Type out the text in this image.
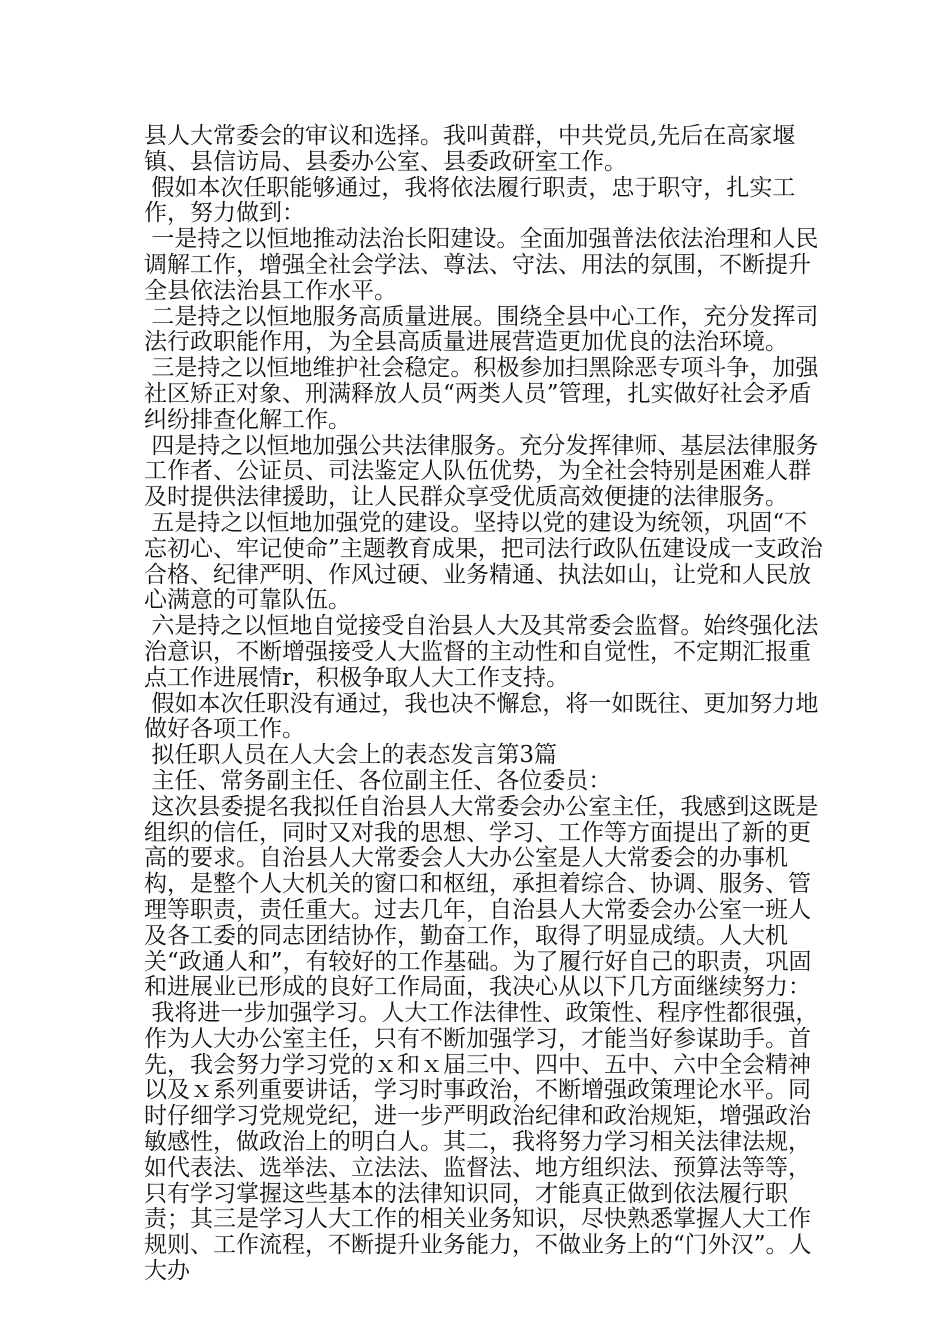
县人大常委会的审议和选择。我叫黄群，中共党员,先后在高家堰镇、县信访局、县委办公室、县委政研室工作。

假如本次任职能够通过，我将依法履行职责，忠于职守，扎实工作，努力做到：

一是持之以恒地推动法治长阳建设。全面加强普法依法治理和人民调解工作，增强全社会学法、尊法、守法、用法的氛围，不断提升全县依法治县工作水平。

二是持之以恒地服务高质量进展。围绕全县中心工作，充分发挥司法行政职能作用，为全县高质量进展营造更加优良的法治环境。

三是持之以恒地维护社会稳定。积极参加扫黑除恶专项斗争，加强社区矫正对象、刑满释放人员“两类人员”管理，扎实做好社会矛盾纠纷排查化解工作。

四是持之以恒地加强公共法律服务。充分发挥律师、基层法律服务工作者、公证员、司法鉴定人队伍优势，为全社会特别是困难人群及时提供法律援助，让人民群众享受优质高效便捷的法律服务。

五是持之以恒地加强党的建设。坚持以党的建设为统领，巩固“不忘初心、牢记使命”主题教育成果，把司法行政队伍建设成一支政治合格、纪律严明、作风过硬、业务精通、执法如山，让党和人民放心满意的可靠队伍。

六是持之以恒地自觉接受自治县人大及其常委会监督。始终强化法治意识，不断增强接受人大监督的主动性和自觉性，不定期汇报重点工作进展情r，积极争取人大工作支持。

假如本次任职没有通过，我也决不懈怠，将一如既往、更加努力地做好各项工作。

拟任职人员在人大会上的表态发言第3篇

主任、常务副主任、各位副主任、各位委员：

这次县委提名我拟任自治县人大常委会办公室主任，我感到这既是组织的信任，同时又对我的思想、学习、工作等方面提出了新的更高的要求。自治县人大常委会人大办公室是人大常委会的办事机构，是整个人大机关的窗口和枢纽，承担着综合、协调、服务、管理等职责，责任重大。过去几年，自治县人大常委会办公室一班人及各工委的同志团结协作，勤奋工作，取得了明显成绩。人大机关“政通人和”，有较好的工作基础。为了履行好自己的职责，巩固和进展业已形成的良好工作局面，我决心从以下几方面继续努力：

我将进一步加强学习。人大工作法律性、政策性、程序性都很强，作为人大办公室主任，只有不断加强学习，才能当好参谋助手。首先，我会努力学习党的ｘ和ｘ届三中、四中、五中、六中全会精神以及ｘ系列重要讲话，学习时事政治，不断增强政策理论水平。同时仔细学习党规党纪，进一步严明政治纪律和政治规矩，增强政治敏感性，做政治上的明白人。其二，我将努力学习相关法律法规，如代表法、选举法、立法法、监督法、地方组织法、预算法等等，只有学习掌握这些基本的法律知识同，才能真正做到依法履行职责；其三是学习人大工作的相关业务知识，尽快熟悉掌握人大工作规则、工作流程，不断提升业务能力，不做业务上的“门外汉”。人大办
